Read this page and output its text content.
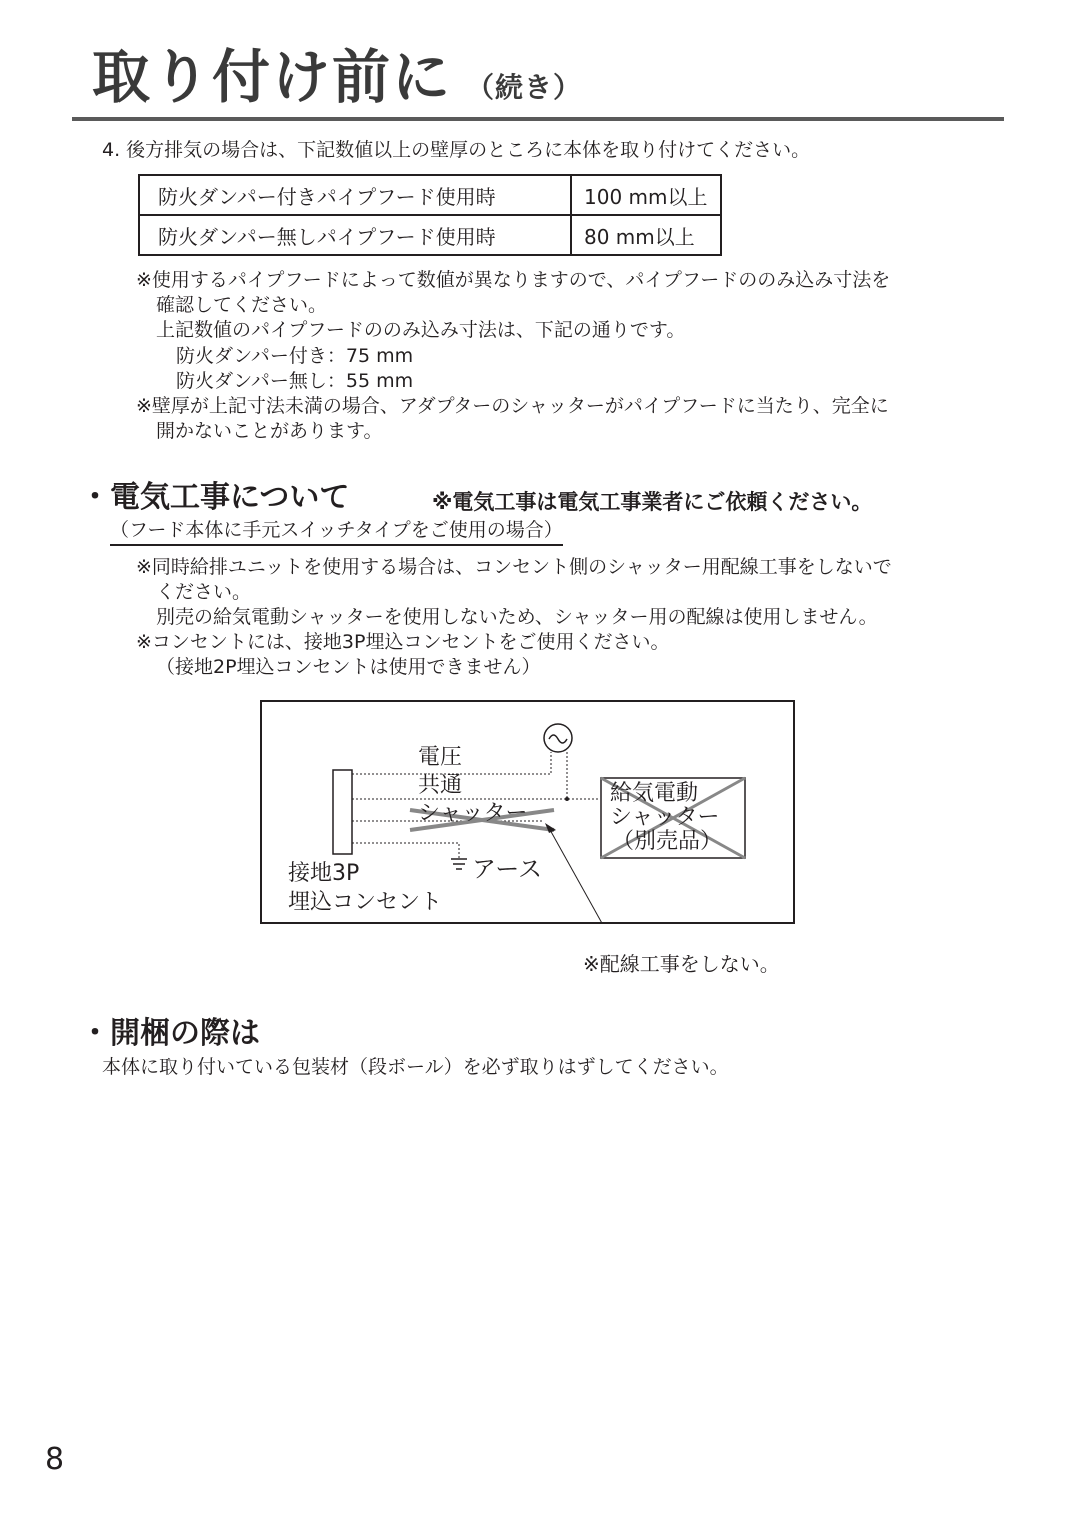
取り付け前に （続き）
4. 後方排気の場合は、下記数値以上の壁厚のところに本体を取り付けてください。
防火ダンパー付きパイプフード使用時	100 mm以上
防火ダンパー無しパイプフード使用時	80 mm以上
※使用するパイプフードによって数値が異なりますので、パイプフードののみ込み寸法を
確認してください。
上記数値のパイプフードののみ込み寸法は、下記の通りです。
防火ダンパー付き：75 mm
防火ダンパー無し：55 mm
※壁厚が上記寸法未満の場合、アダプターのシャッターがパイプフードに当たり、完全に
開かないことがあります。
・電気工事について	※電気工事は電気工事業者にご依頼ください。
（フード本体に手元スイッチタイプをご使用の場合）
※同時給排ユニットを使用する場合は、コンセント側のシャッター用配線工事をしないで
ください。
別売の給気電動シャッターを使用しないため、シャッター用の配線は使用しません。
※コンセントには、接地3P埋込コンセントをご使用ください。
（接地2P埋込コンセントは使用できません）
電圧
共通
シャッター
アース
接地3P
埋込コンセント
給気電動
シャッター
（別売品）
※配線工事をしない。
・開梱の際は
本体に取り付いている包装材（段ボール）を必ず取りはずしてください。
8
